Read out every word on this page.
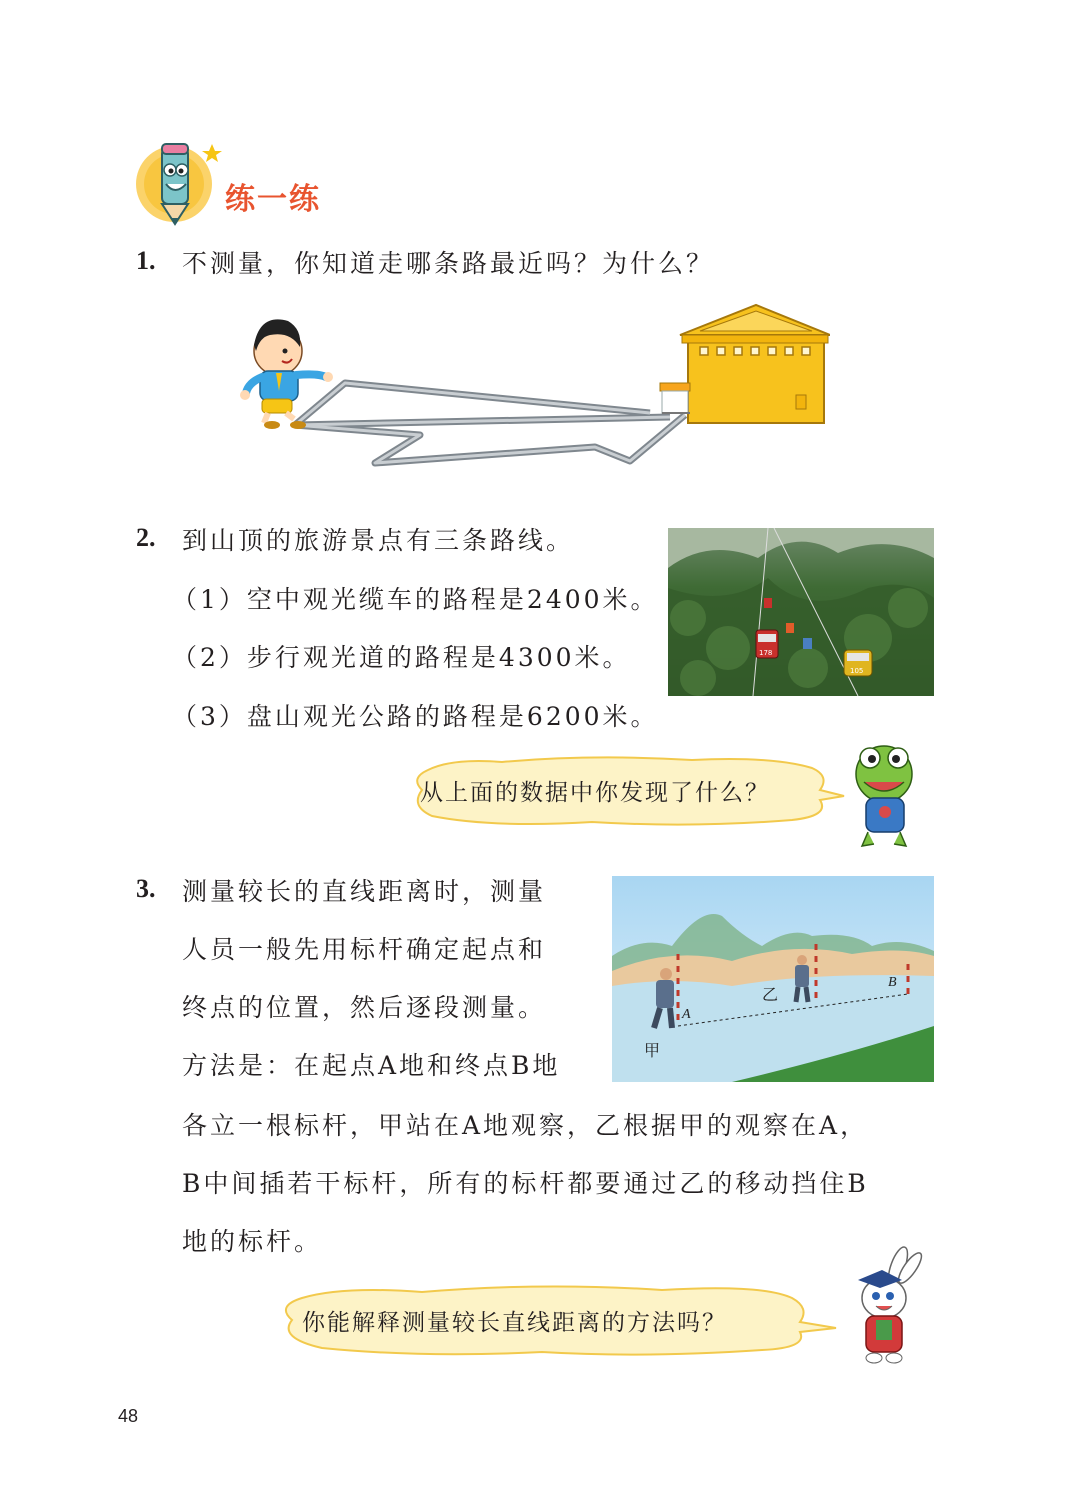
练一练
1. 不测量，你知道走哪条路最近吗？为什么？
2. 到山顶的旅游景点有三条路线。
（1）空中观光缆车的路程是2400米。
（2）步行观光道的路程是4300米。
（3）盘山观光公路的路程是6200米。
178
105
从上面的数据中你发现了什么？
3. 测量较长的直线距离时，测量
人员一般先用标杆确定起点和
终点的位置，然后逐段测量。
方法是：在起点A地和终点B地
各立一根标杆，甲站在A地观察，乙根据甲的观察在A，
B中间插若干标杆，所有的标杆都要通过乙的移动挡住B
地的标杆。
A
B
甲
乙
你能解释测量较长直线距离的方法吗？
48
